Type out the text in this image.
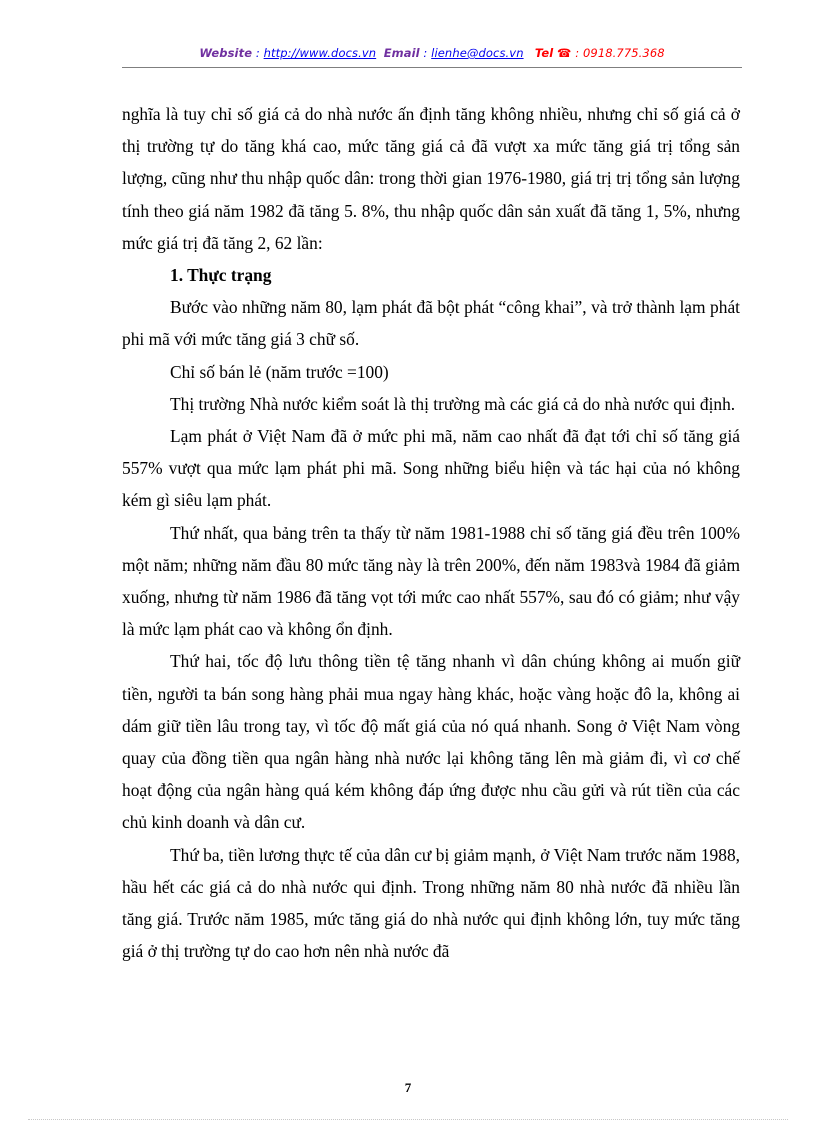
Website : http://www.docs.vn Email : lienhe@docs.vn Tel ☎ : 0918.775.368

nghĩa là tuy chỉ số giá cả do nhà nước ấn định tăng không nhiều, nhưng chỉ số giá cả ở thị trường tự do tăng khá cao, mức tăng giá cả đã vượt xa mức tăng giá trị tổng sản lượng, cũng như thu nhập quốc dân: trong thời gian 1976-1980, giá trị trị tổng sản lượng tính theo giá năm 1982 đã tăng 5. 8%, thu nhập quốc dân sản xuất đã tăng 1, 5%, nhưng mức giá trị đã tăng 2, 62 lần:

1. Thực trạng

Bước vào những năm 80, lạm phát đã bột phát “công khai”, và trở thành lạm phát phi mã với mức tăng giá 3 chữ số.

Chỉ số bán lẻ (năm trước =100)

Thị trường Nhà nước kiểm soát là thị trường mà các giá cả do nhà nước qui định.

Lạm phát ở Việt Nam đã ở mức phi mã, năm cao nhất đã đạt tới chỉ số tăng giá 557% vượt qua mức lạm phát phi mã. Song những biểu hiện và tác hại của nó không kém gì siêu lạm phát.

Thứ nhất, qua bảng trên ta thấy từ năm 1981-1988 chỉ số tăng giá đều trên 100% một năm; những năm đầu 80 mức tăng này là trên 200%, đến năm 1983và 1984 đã giảm xuống, nhưng từ năm 1986 đã tăng vọt tới mức cao nhất 557%, sau đó có giảm; như vậy là mức lạm phát cao và không ổn định.

Thứ hai, tốc độ lưu thông tiền tệ tăng nhanh vì dân chúng không ai muốn giữ tiền, người ta bán song hàng phải mua ngay hàng khác, hoặc vàng hoặc đô la, không ai dám giữ tiền lâu trong tay, vì tốc độ mất giá của nó quá nhanh. Song ở Việt Nam vòng quay của đồng tiền qua ngân hàng nhà nước lại không tăng lên mà giảm đi, vì cơ chế hoạt động của ngân hàng quá kém không đáp ứng được nhu cầu gửi và rút tiền của các chủ kinh doanh và dân cư.

Thứ ba, tiền lương thực tế của dân cư bị giảm mạnh, ở Việt Nam trước năm 1988, hầu hết các giá cả do nhà nước qui định. Trong những năm 80 nhà nước đã nhiều lần tăng giá. Trước năm 1985, mức tăng giá do nhà nước qui định không lớn, tuy mức tăng giá ở thị trường tự do cao hơn nên nhà nước đã

7
